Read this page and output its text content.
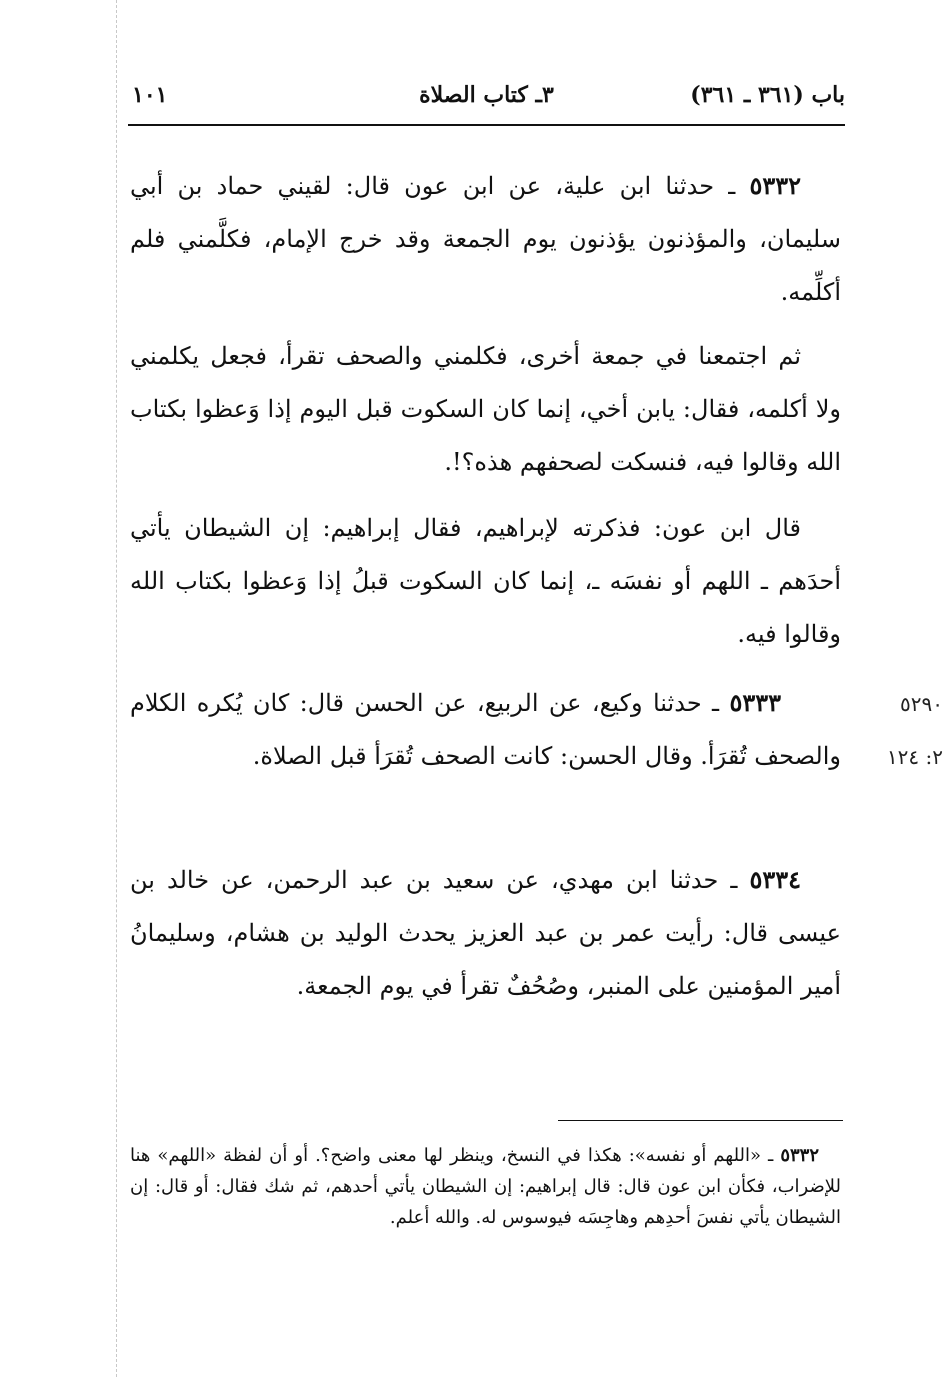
باب (٣٦١ ـ ٣٦١)
٣ـ كتاب الصلاة
١٠١
٥٣٣٢ ـ حدثنا ابن علية، عن ابن عون قال: لقيني حماد بن أبي سليمان، والمؤذنون يؤذنون يوم الجمعة وقد خرج الإمام، فكلَّمني فلم أكلِّمه.
ثم اجتمعنا في جمعة أخرى، فكلمني والصحف تقرأ، فجعل يكلمني ولا أكلمه، فقال: يابن أخي، إنما كان السكوت قبل اليوم إذا وَعظوا بكتاب الله وقالوا فيه، فنسكت لصحفهم هذه؟!.
قال ابن عون: فذكرته لإبراهيم، فقال إبراهيم: إن الشيطان يأتي أحدَهم ـ اللهم أو نفسَه ـ، إنما كان السكوت قبلُ إذا وَعظوا بكتاب الله وقالوا فيه.
٥٢٩٠
٢: ١٢٤
٥٣٣٣ ـ حدثنا وكيع، عن الربيع، عن الحسن قال: كان يُكره الكلام والصحف تُقرَأ. وقال الحسن: كانت الصحف تُقرَأ قبل الصلاة.
٥٣٣٤ ـ حدثنا ابن مهدي، عن سعيد بن عبد الرحمن، عن خالد بن عيسى قال: رأيت عمر بن عبد العزيز يحدث الوليد بن هشام، وسليمانُ أمير المؤمنين على المنبر، وصُحُفٌ تقرأ في يوم الجمعة.
٥٣٣٢ ـ «اللهم أو نفسه»: هكذا في النسخ، وينظر لها معنى واضح؟. أو أن لفظة «اللهم» هنا للإضراب، فكأن ابن عون قال: قال إبراهيم: إن الشيطان يأتي أحدهم، ثم شك فقال: أو قال: إن الشيطان يأتي نفسَ أحدِهم وهاجِسَه فيوسوس له. والله أعلم.
